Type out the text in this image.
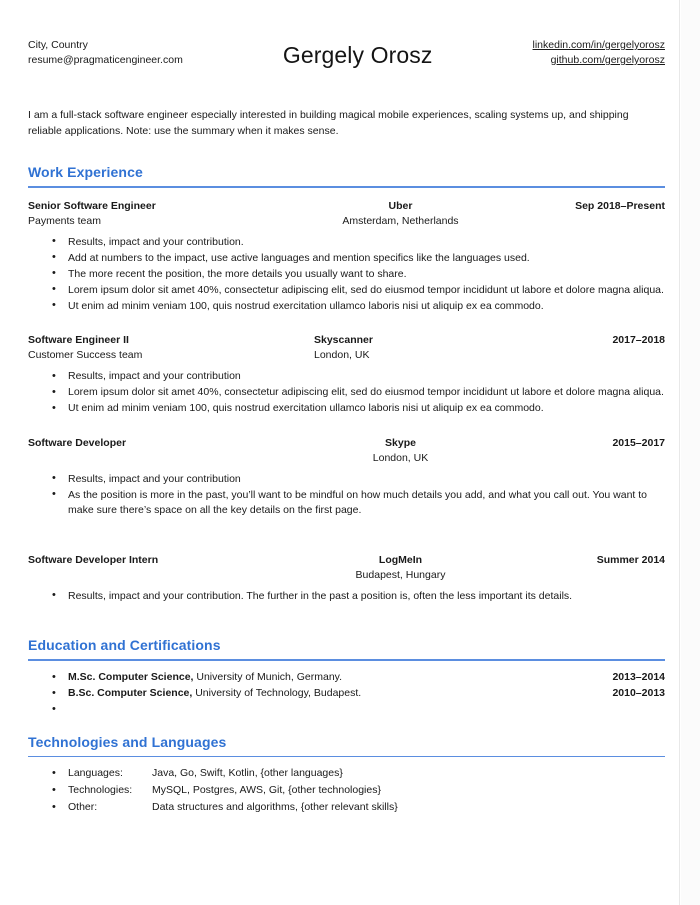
City, Country
resume@pragmaticengineer.com	Gergely Orosz	linkedin.com/in/gergelyorosz
github.com/gergelyorosz
I am a full-stack software engineer especially interested in building magical mobile experiences, scaling systems up, and shipping reliable applications. Note: use the summary when it makes sense.
Work Experience
Senior Software Engineer	Uber	Sep 2018–Present
Payments team	Amsterdam, Netherlands
• Results, impact and your contribution.
• Add at numbers to the impact, use active languages and mention specifics like the languages used.
• The more recent the position, the more details you usually want to share.
• Lorem ipsum dolor sit amet 40%, consectetur adipiscing elit, sed do eiusmod tempor incididunt ut labore et dolore magna aliqua.
• Ut enim ad minim veniam 100, quis nostrud exercitation ullamco laboris nisi ut aliquip ex ea commodo.
Software Engineer II	Skyscanner	2017–2018
Customer Success team	London, UK
• Results, impact and your contribution
• Lorem ipsum dolor sit amet 40%, consectetur adipiscing elit, sed do eiusmod tempor incididunt ut labore et dolore magna aliqua.
• Ut enim ad minim veniam 100, quis nostrud exercitation ullamco laboris nisi ut aliquip ex ea commodo.
Software Developer	Skype	2015–2017
London, UK
• Results, impact and your contribution
• As the position is more in the past, you’ll want to be mindful on how much details you add, and what you call out. You want to make sure there’s space on all the key details on the first page.
Software Developer Intern	LogMeIn	Summer 2014
Budapest, Hungary
• Results, impact and your contribution. The further in the past a position is, often the less important its details.
Education and Certifications
• M.Sc. Computer Science, University of Munich, Germany.	2013–2014
• B.Sc. Computer Science, University of Technology, Budapest.	2010–2013
Technologies and Languages
• Languages:	Java, Go, Swift, Kotlin, {other languages}
• Technologies:	MySQL, Postgres, AWS, Git, {other technologies}
• Other:	Data structures and algorithms, {other relevant skills}
